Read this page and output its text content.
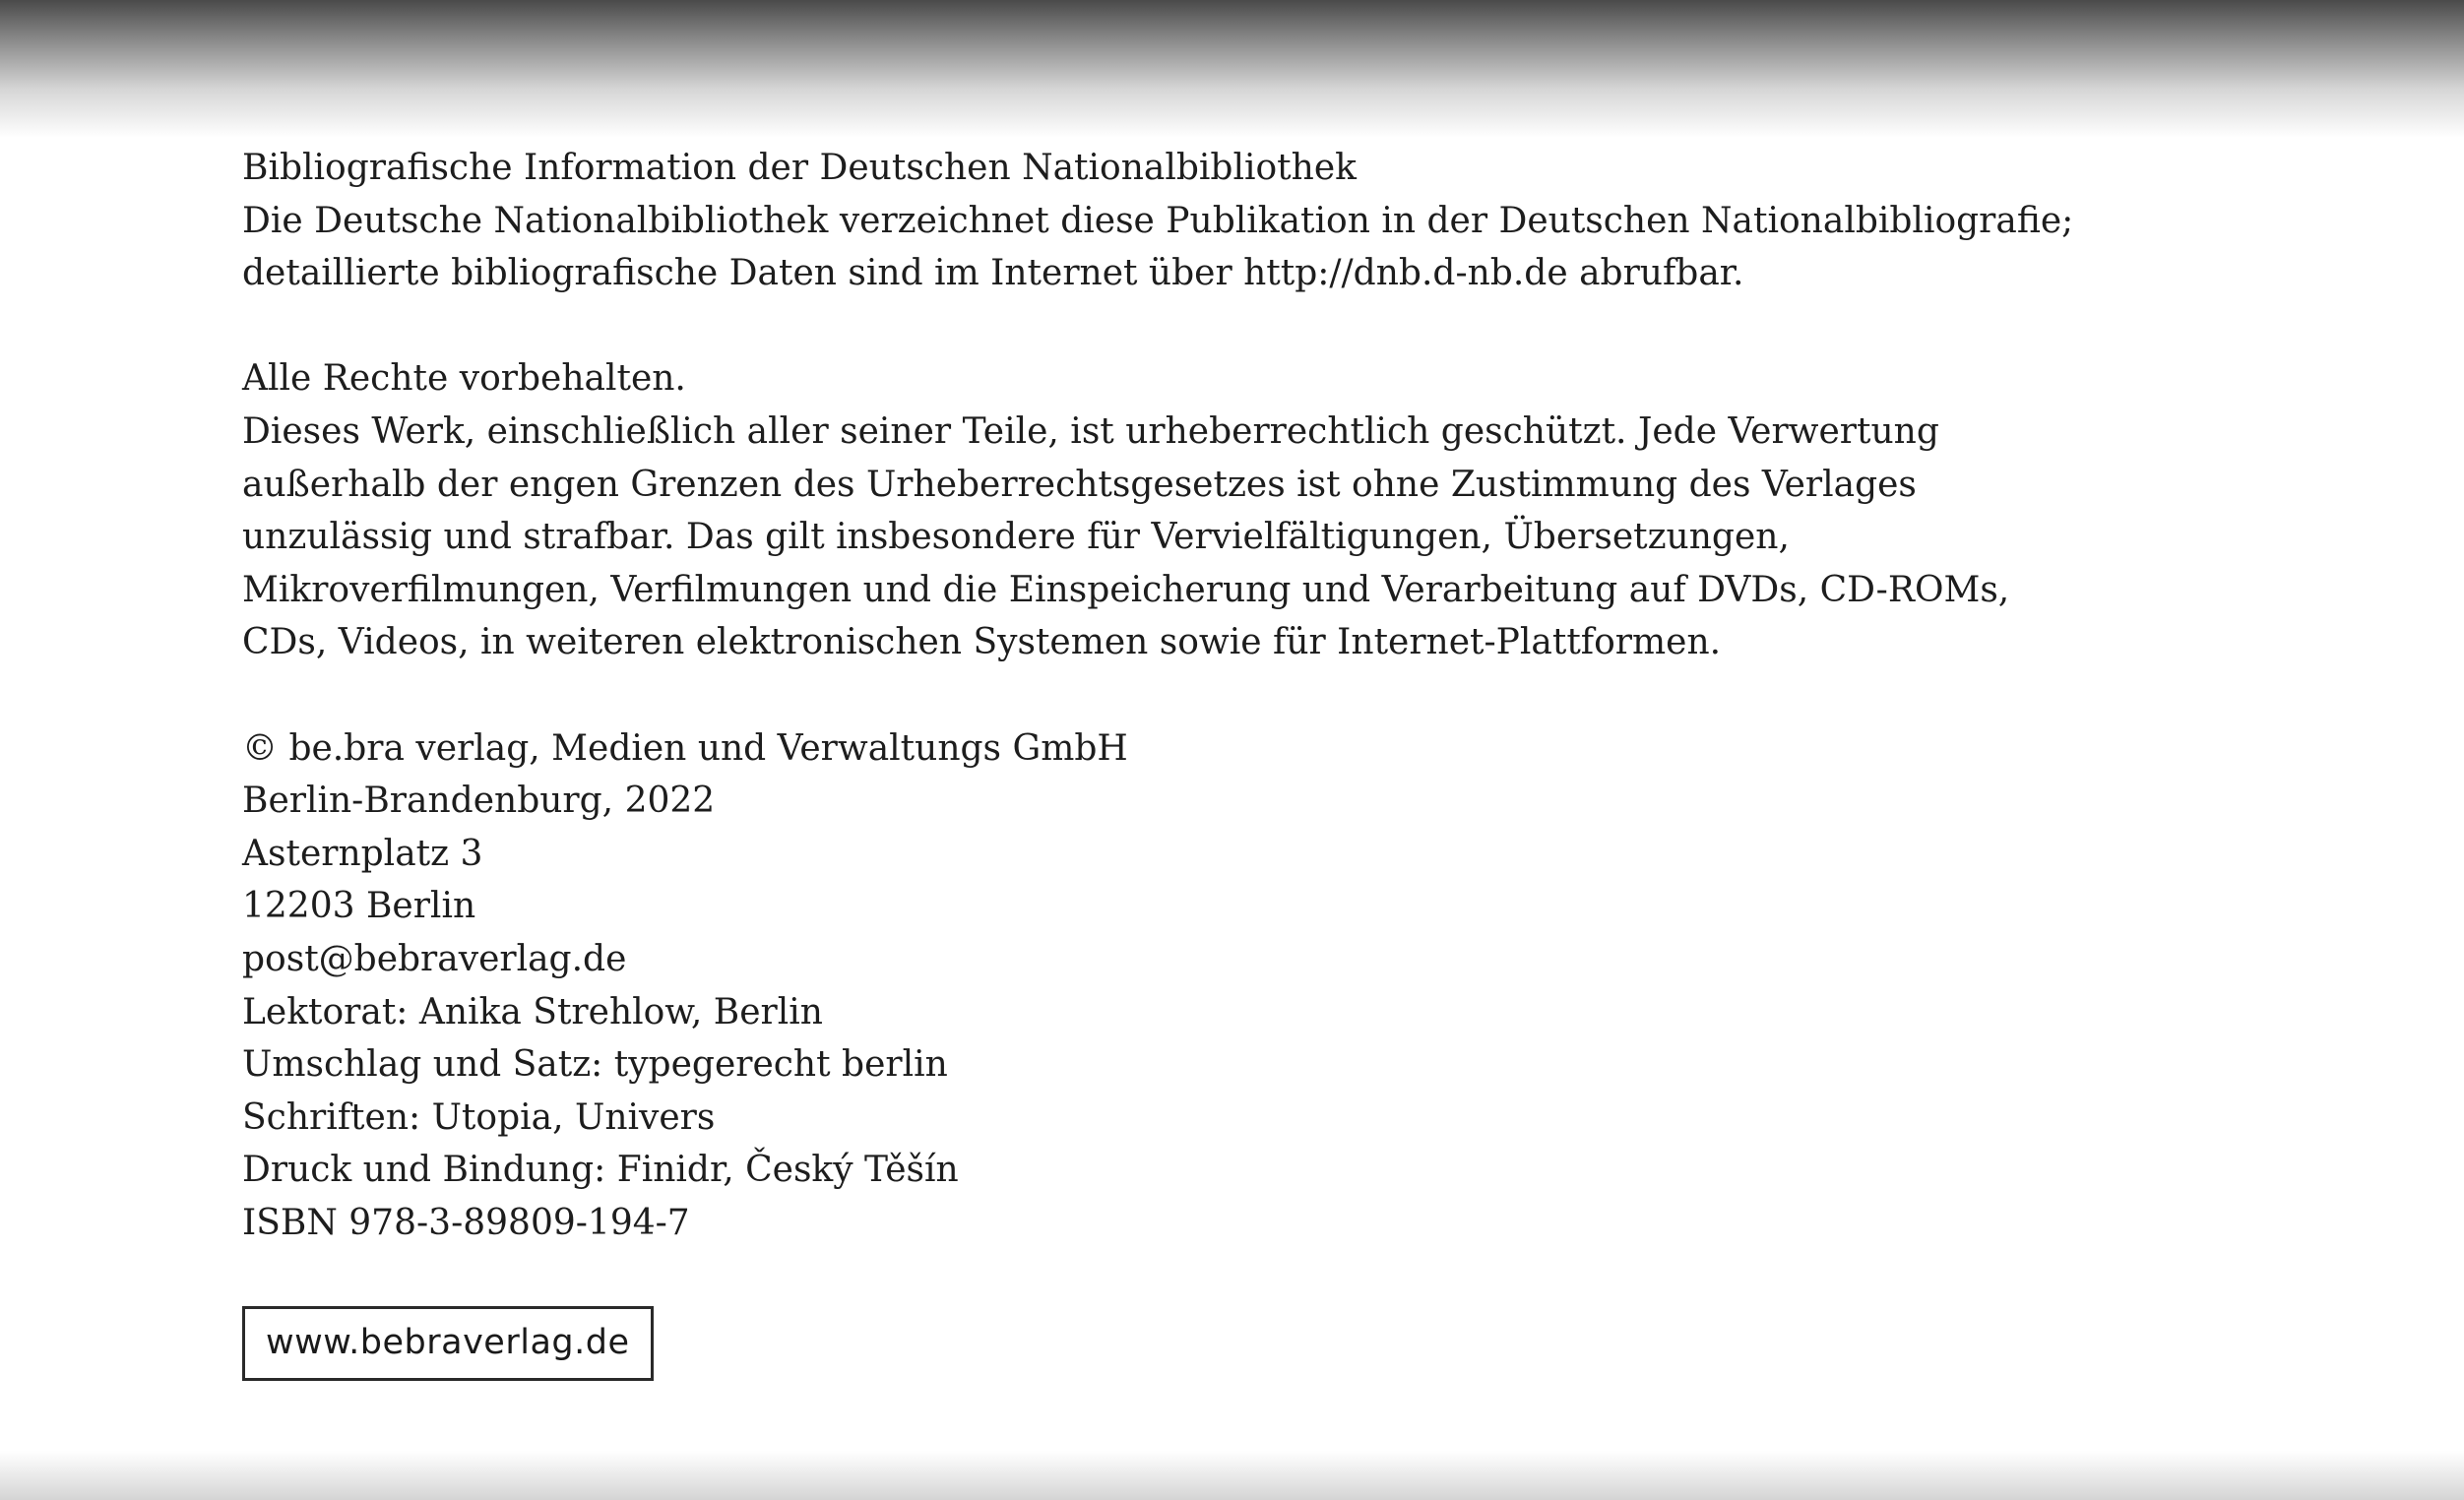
Bibliografische Information der Deutschen Nationalbibliothek

Die Deutsche Nationalbibliothek verzeichnet diese Publikation in der Deutschen Nationalbibliografie;

detaillierte bibliografische Daten sind im Internet über http://dnb.d-nb.de abrufbar.

Alle Rechte vorbehalten.

Dieses Werk, einschließlich aller seiner Teile, ist urheberrechtlich geschützt. Jede Verwertung

außerhalb der engen Grenzen des Urheberrechtsgesetzes ist ohne Zustimmung des Verlages

unzulässig und strafbar. Das gilt insbesondere für Vervielfältigungen, Übersetzungen,

Mikroverfilmungen, Verfilmungen und die Einspeicherung und Verarbeitung auf DVDs, CD-ROMs,

CDs, Videos, in weiteren elektronischen Systemen sowie für Internet-Plattformen.

© be.bra verlag, Medien und Verwaltungs GmbH

Berlin-Brandenburg, 2022

Asternplatz 3

12203 Berlin

post@bebraverlag.de

Lektorat: Anika Strehlow, Berlin

Umschlag und Satz: typegerecht berlin

Schriften: Utopia, Univers

Druck und Bindung: Finidr, Český Těšín

ISBN 978-3-89809-194-7

www.bebraverlag.de
